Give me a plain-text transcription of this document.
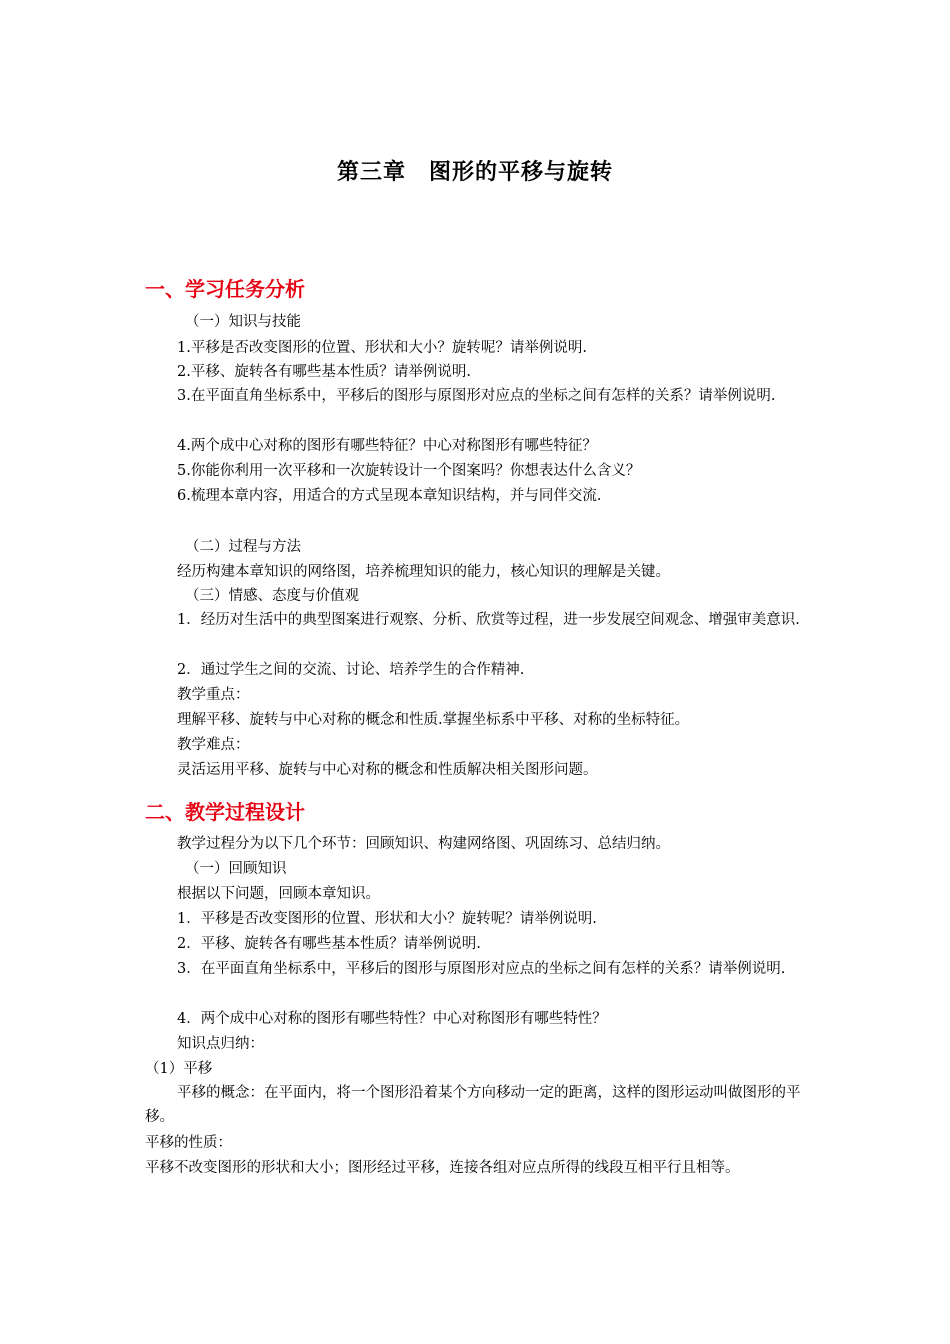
第三章　图形的平移与旋转
一、学习任务分析
（一）知识与技能
1.平移是否改变图形的位置、形状和大小？旋转呢？请举例说明.
2.平移、旋转各有哪些基本性质？请举例说明.
3.在平面直角坐标系中，平移后的图形与原图形对应点的坐标之间有怎样的关系？请举例说明.
4.两个成中心对称的图形有哪些特征？中心对称图形有哪些特征？
5.你能你利用一次平移和一次旋转设计一个图案吗？你想表达什么含义？
6.梳理本章内容，用适合的方式呈现本章知识结构，并与同伴交流.
（二）过程与方法
经历构建本章知识的网络图，培养梳理知识的能力，核心知识的理解是关键。
（三）情感、态度与价值观
1．经历对生活中的典型图案进行观察、分析、欣赏等过程，进一步发展空间观念、增强审美意识.
2．通过学生之间的交流、讨论、培养学生的合作精神.
教学重点：
理解平移、旋转与中心对称的概念和性质.掌握坐标系中平移、对称的坐标特征。
教学难点：
灵活运用平移、旋转与中心对称的概念和性质解决相关图形问题。
二、教学过程设计
教学过程分为以下几个环节：回顾知识、构建网络图、巩固练习、总结归纳。
（一）回顾知识
根据以下问题，回顾本章知识。
1．平移是否改变图形的位置、形状和大小？旋转呢？请举例说明.
2．平移、旋转各有哪些基本性质？请举例说明.
3．在平面直角坐标系中，平移后的图形与原图形对应点的坐标之间有怎样的关系？请举例说明.
4．两个成中心对称的图形有哪些特性？中心对称图形有哪些特性？
知识点归纳：
（1）平移
平移的概念：在平面内，将一个图形沿着某个方向移动一定的距离，这样的图形运动叫做图形的平移。
平移的性质：
平移不改变图形的形状和大小；图形经过平移，连接各组对应点所得的线段互相平行且相等。
